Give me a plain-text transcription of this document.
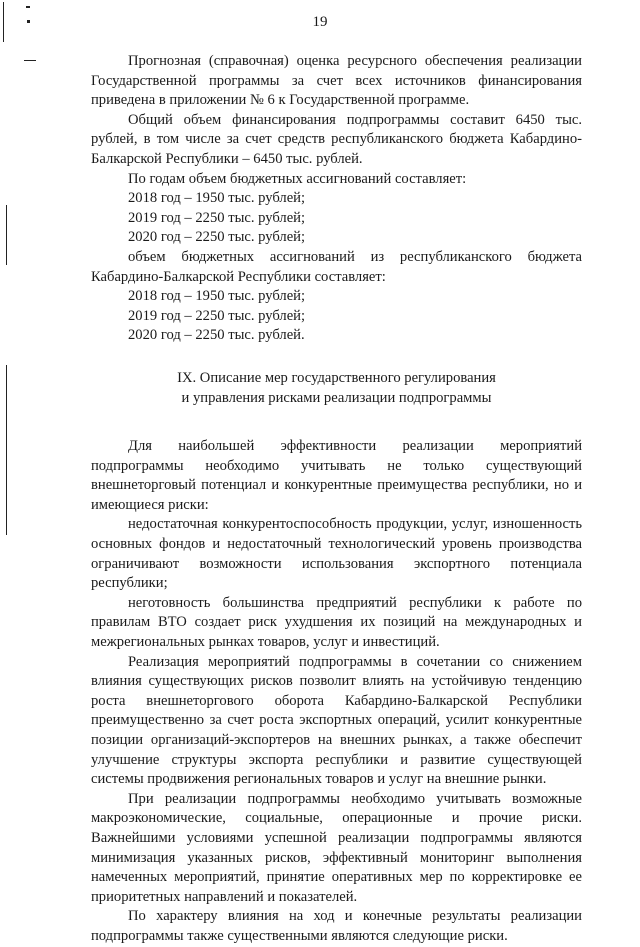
19

Прогнозная (справочная) оценка ресурсного обеспечения реализации Государственной программы за счет всех источников финансирования приведена в приложении № 6 к Государственной программе.

Общий объем финансирования подпрограммы составит 6450 тыс. рублей, в том числе за счет средств республиканского бюджета Кабардино-Балкарской Республики – 6450 тыс. рублей.

По годам объем бюджетных ассигнований составляет:

2018 год – 1950 тыс. рублей;

2019 год – 2250 тыс. рублей;

2020 год – 2250 тыс. рублей;

объем бюджетных ассигнований из республиканского бюджета Кабардино-Балкарской Республики составляет:

2018 год – 1950 тыс. рублей;

2019 год – 2250 тыс. рублей;

2020 год – 2250 тыс. рублей.

IX. Описание мер государственного регулирования
и управления рисками реализации подпрограммы

Для наибольшей эффективности реализации мероприятий подпрограммы необходимо учитывать не только существующий внешнеторговый потенциал и конкурентные преимущества республики, но и имеющиеся риски:

недостаточная конкурентоспособность продукции, услуг, изношенность основных фондов и недостаточный технологический уровень производства ограничивают возможности использования экспортного потенциала республики;

неготовность большинства предприятий республики к работе по правилам ВТО создает риск ухудшения их позиций на международных и межрегиональных рынках товаров, услуг и инвестиций.

Реализация мероприятий подпрограммы в сочетании со снижением влияния существующих рисков позволит влиять на устойчивую тенденцию роста внешнеторгового оборота Кабардино-Балкарской Республики преимущественно за счет роста экспортных операций, усилит конкурентные позиции организаций-экспортеров на внешних рынках, а также обеспечит улучшение структуры экспорта республики и развитие существующей системы продвижения региональных товаров и услуг на внешние рынки.

При реализации подпрограммы необходимо учитывать возможные макроэкономические, социальные, операционные и прочие риски. Важнейшими условиями успешной реализации подпрограммы являются минимизация указанных рисков, эффективный мониторинг выполнения намеченных мероприятий, принятие оперативных мер по корректировке ее приоритетных направлений и показателей.

По характеру влияния на ход и конечные результаты реализации подпрограммы также существенными являются следующие риски.
